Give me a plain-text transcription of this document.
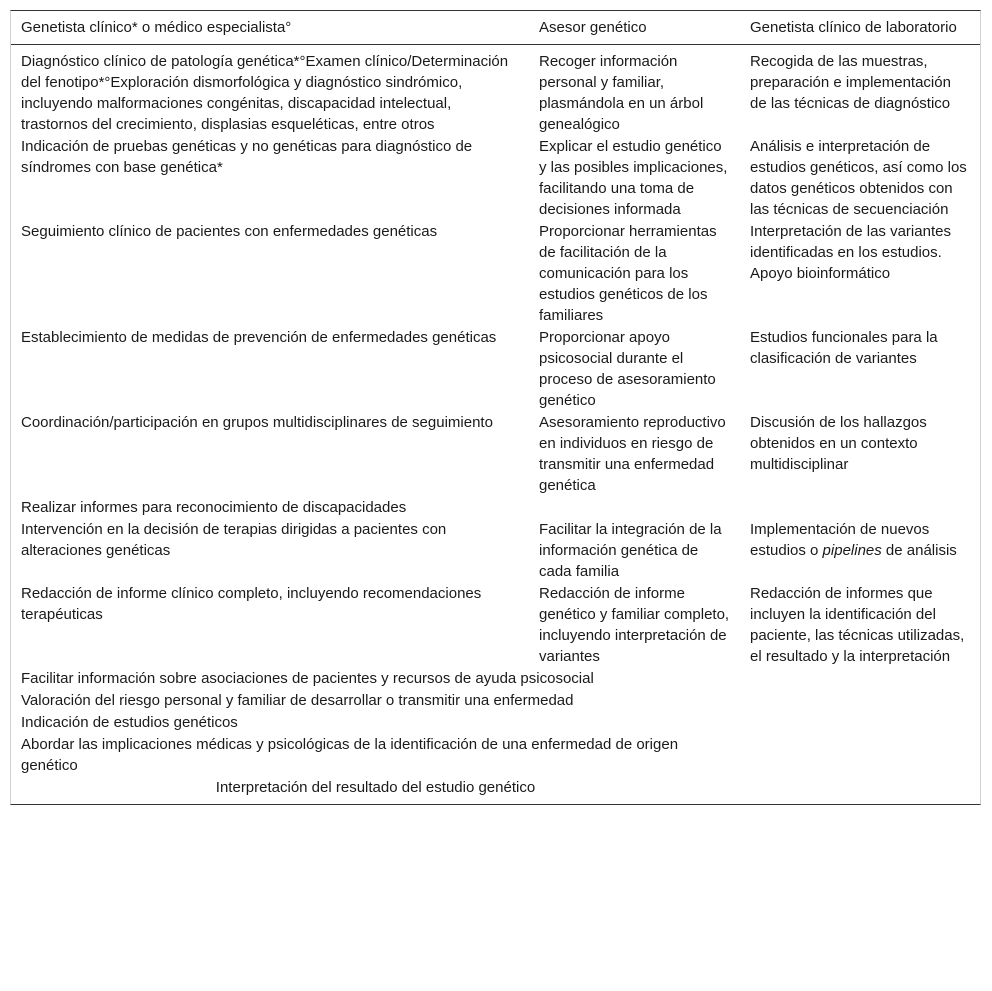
Genetista clínico* o médico especialista°	Asesor genético	Genetista clínico de laboratorio
Diagnóstico clínico de patología genética*°Examen clínico/Determinación del fenotipo*°Exploración dismorfológica y diagnóstico sindrómico, incluyendo malformaciones congénitas, discapacidad intelectual, trastornos del crecimiento, displasias esqueléticas, entre otros	Recoger información personal y familiar, plasmándola en un árbol genealógico	Recogida de las muestras, preparación e implementación de las técnicas de diagnóstico
Indicación de pruebas genéticas y no genéticas para diagnóstico de síndromes con base genética*	Explicar el estudio genético y las posibles implicaciones, facilitando una toma de decisiones informada	Análisis e interpretación de estudios genéticos, así como los datos genéticos obtenidos con las técnicas de secuenciación
Seguimiento clínico de pacientes con enfermedades genéticas	Proporcionar herramientas de facilitación de la comunicación para los estudios genéticos de los familiares	Interpretación de las variantes identificadas en los estudios. Apoyo bioinformático
Establecimiento de medidas de prevención de enfermedades genéticas	Proporcionar apoyo psicosocial durante el proceso de asesoramiento genético	Estudios funcionales para la clasificación de variantes
Coordinación/participación en grupos multidisciplinares de seguimiento	Asesoramiento reproductivo en individuos en riesgo de transmitir una enfermedad genética	Discusión de los hallazgos obtenidos en un contexto multidisciplinar
Realizar informes para reconocimiento de discapacidades		
Intervención en la decisión de terapias dirigidas a pacientes con alteraciones genéticas	Facilitar la integración de la información genética de cada familia	Implementación de nuevos estudios o pipelines de análisis
Redacción de informe clínico completo, incluyendo recomendaciones terapéuticas	Redacción de informe genético y familiar completo, incluyendo interpretación de variantes	Redacción de informes que incluyen la identificación del paciente, las técnicas utilizadas, el resultado y la interpretación
Facilitar información sobre asociaciones de pacientes y recursos de ayuda psicosocial		
Valoración del riesgo personal y familiar de desarrollar o transmitir una enfermedad		
Indicación de estudios genéticos		
Abordar las implicaciones médicas y psicológicas de la identificación de una enfermedad de origen genético		
Interpretación del resultado del estudio genético		
